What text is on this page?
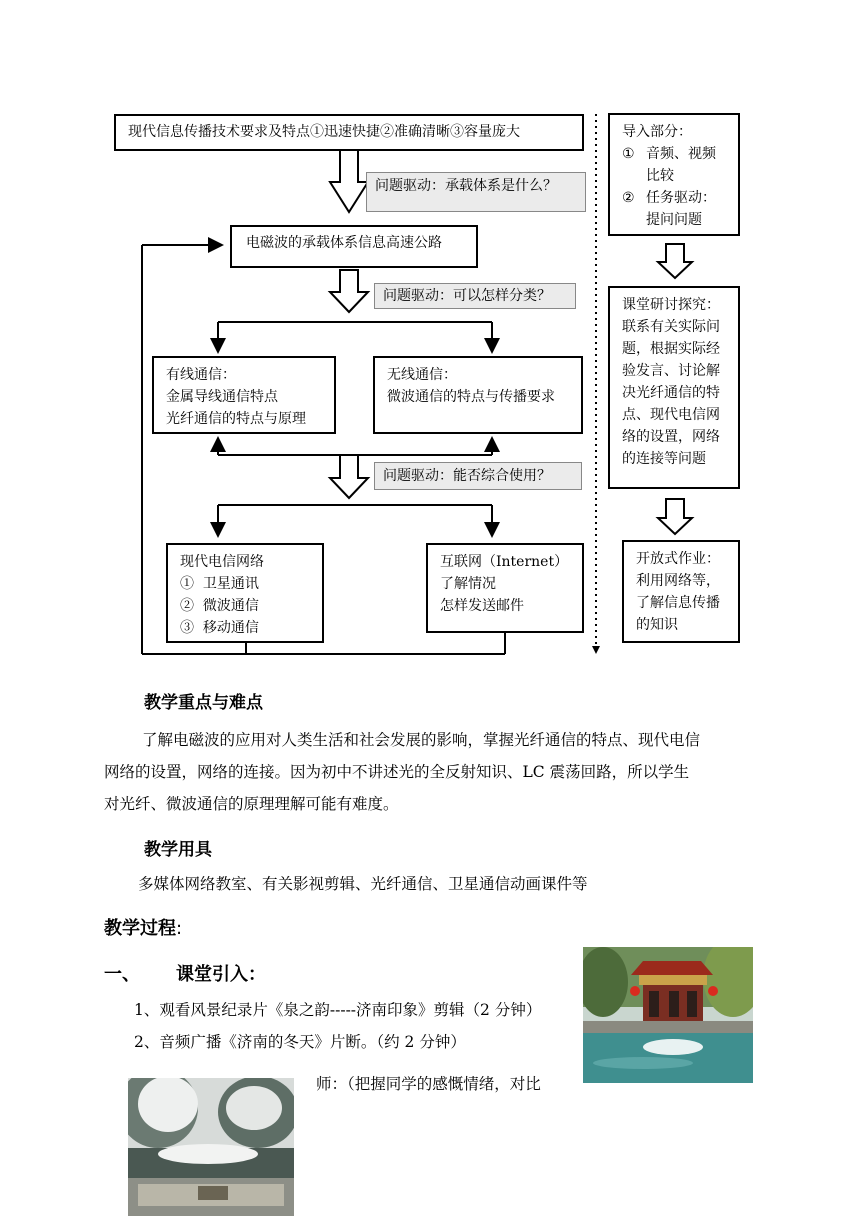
现代信息传播技术要求及特点①迅速快捷②准确清晰③容量庞大
问题驱动：承载体系是什么？
电磁波的承载体系信息高速公路
问题驱动：可以怎样分类？
有线通信：
金属导线通信特点
光纤通信的特点与原理
无线通信：
微波通信的特点与传播要求
问题驱动：能否综合使用？
现代电信网络
① 卫星通讯
② 微波通信
③ 移动通信
互联网（Internet）
了解情况
怎样发送邮件
导入部分：
① 音频、视频
比较
② 任务驱动：
提问问题
课堂研讨探究：
联系有关实际问
题，根据实际经
验发言、讨论解
决光纤通信的特
点、现代电信网
络的设置，网络
的连接等问题
开放式作业：
利用网络等，
了解信息传播
的知识
教学重点与难点
了解电磁波的应用对人类生活和社会发展的影响，掌握光纤通信的特点、现代电信
网络的设置，网络的连接。因为初中不讲述光的全反射知识、LC 震荡回路，所以学生
对光纤、微波通信的原理理解可能有难度。
教学用具
多媒体网络教室、有关影视剪辑、光纤通信、卫星通信动画课件等
教学过程:
一、 课堂引入：
1、观看风景纪录片《泉之韵-----济南印象》剪辑（2 分钟）
2、音频广播《济南的冬天》片断。（约 2 分钟）
师：（把握同学的感慨情绪，对比
